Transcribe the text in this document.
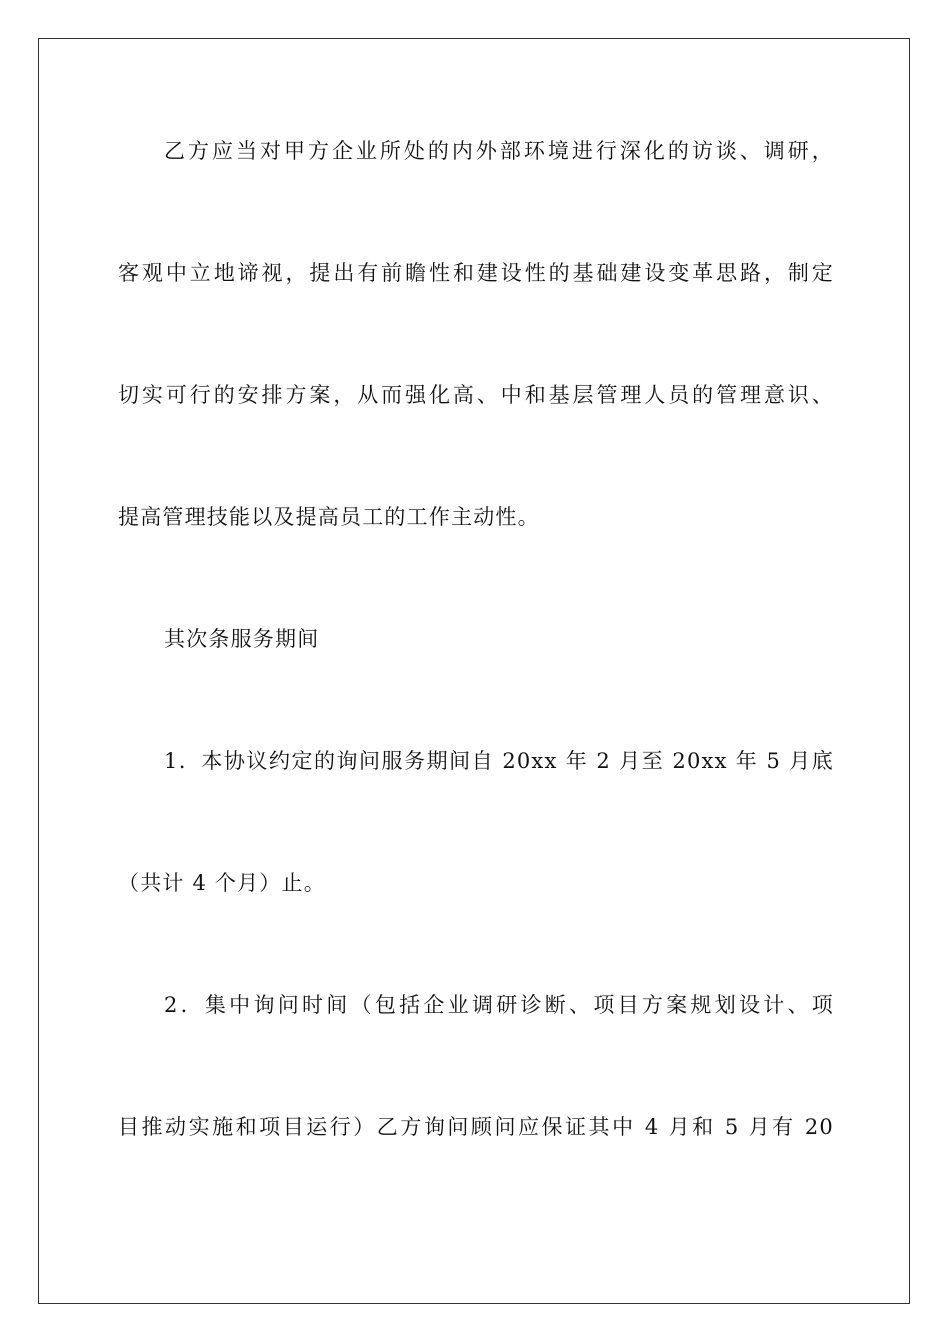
乙方应当对甲方企业所处的内外部环境进行深化的访谈、调研，
客观中立地谛视，提出有前瞻性和建设性的基础建设变革思路，制定
切实可行的安排方案，从而强化高、中和基层管理人员的管理意识、
提高管理技能以及提高员工的工作主动性。
其次条服务期间
1．本协议约定的询问服务期间自 20xx 年 2 月至 20xx 年 5 月底
（共计 4 个月）止。
2．集中询问时间（包括企业调研诊断、项目方案规划设计、项
目推动实施和项目运行）乙方询问顾问应保证其中 4 月和 5 月有 20
